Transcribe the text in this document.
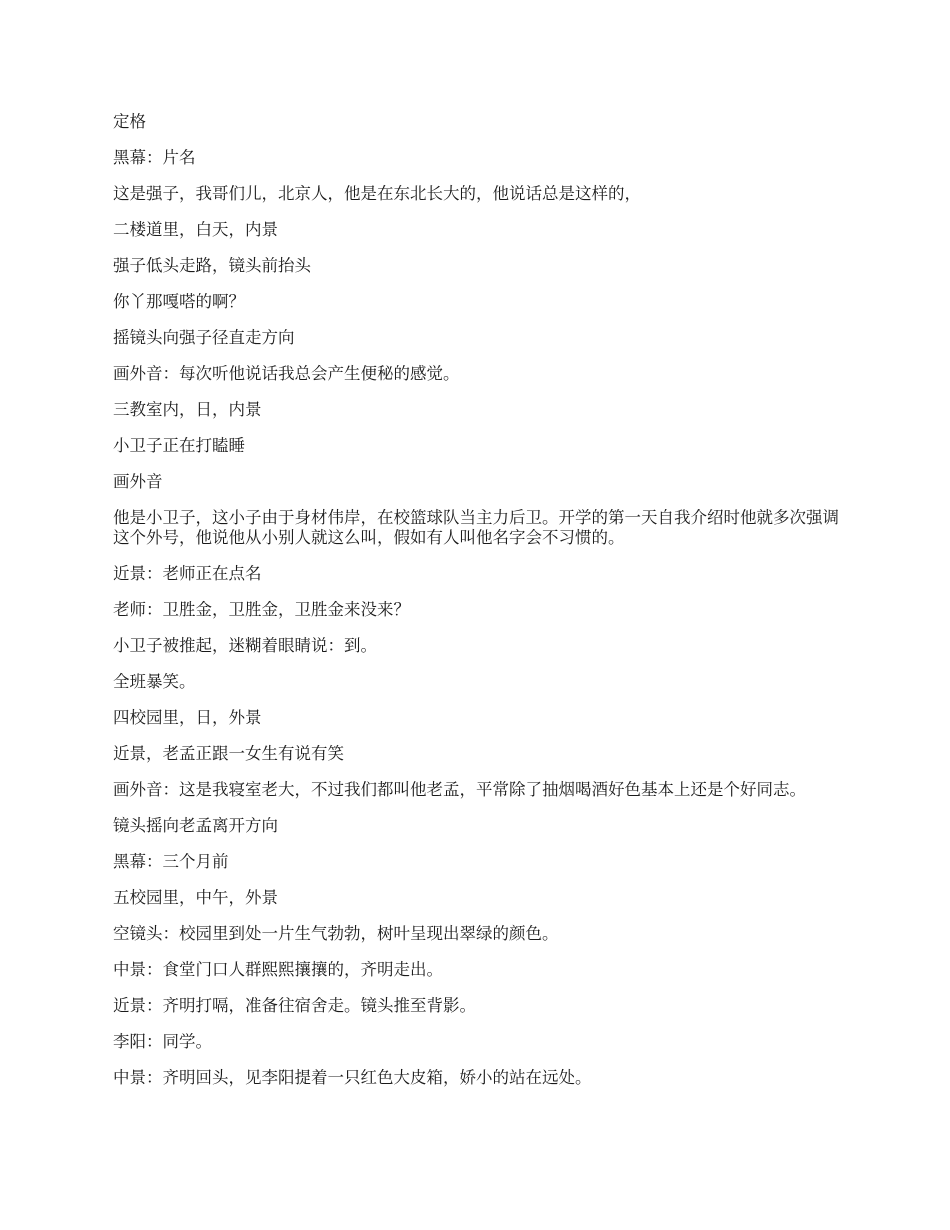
定格

黑幕：片名

这是强子，我哥们儿，北京人，他是在东北长大的，他说话总是这样的，

二楼道里，白天，内景

强子低头走路，镜头前抬头

你丫那嘎嗒的啊？

摇镜头向强子径直走方向

画外音：每次听他说话我总会产生便秘的感觉。

三教室内，日，内景

小卫子正在打瞌睡

画外音

他是小卫子，这小子由于身材伟岸，在校篮球队当主力后卫。开学的第一天自我介绍时他就多次强调这个外号，他说他从小别人就这么叫，假如有人叫他名字会不习惯的。

近景：老师正在点名

老师：卫胜金，卫胜金，卫胜金来没来？

小卫子被推起，迷糊着眼睛说：到。

全班暴笑。

四校园里，日，外景

近景，老孟正跟一女生有说有笑

画外音：这是我寝室老大，不过我们都叫他老孟，平常除了抽烟喝酒好色基本上还是个好同志。

镜头摇向老孟离开方向

黑幕：三个月前

五校园里，中午，外景

空镜头：校园里到处一片生气勃勃，树叶呈现出翠绿的颜色。

中景：食堂门口人群熙熙攘攘的，齐明走出。

近景：齐明打嗝，准备往宿舍走。镜头推至背影。

李阳：同学。

中景：齐明回头，见李阳提着一只红色大皮箱，娇小的站在远处。
